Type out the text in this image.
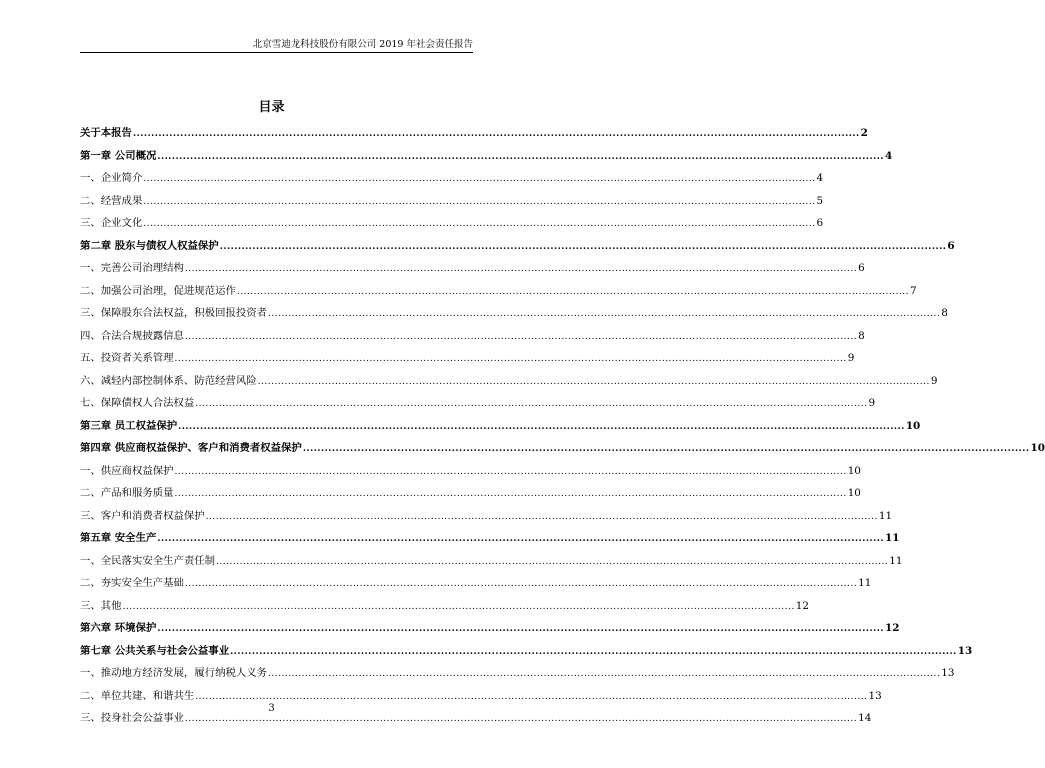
北京雪迪龙科技股份有限公司 2019 年社会责任报告
目录
关于本报告 ........................................................................................................................................................................................................ 2
第一章 公司概况 ........................................................................................................................................................................................................ 4
一、企业简介 ........................................................................................................................................................................................................ 4
二、经营成果 ........................................................................................................................................................................................................ 5
三、企业文化 ........................................................................................................................................................................................................ 6
第二章 股东与债权人权益保护 ........................................................................................................................................................................................................ 6
一、完善公司治理结构 ........................................................................................................................................................................................................ 6
二、加强公司治理，促进规范运作 ........................................................................................................................................................................................................ 7
三、保障股东合法权益，积极回报投资者 ........................................................................................................................................................................................................ 8
四、合法合规披露信息 ........................................................................................................................................................................................................ 8
五、投资者关系管理 ........................................................................................................................................................................................................ 9
六、减轻内部控制体系、防范经营风险 ........................................................................................................................................................................................................ 9
七、保障债权人合法权益 ........................................................................................................................................................................................................ 9
第三章 员工权益保护 ........................................................................................................................................................................................................ 10
第四章 供应商权益保护、客户和消费者权益保护 ........................................................................................................................................................................................................ 10
一、供应商权益保护 ........................................................................................................................................................................................................ 10
二、产品和服务质量 ........................................................................................................................................................................................................ 10
三、客户和消费者权益保护 ........................................................................................................................................................................................................ 11
第五章 安全生产 ........................................................................................................................................................................................................ 11
一、全民落实安全生产责任制 ........................................................................................................................................................................................................ 11
二、夯实安全生产基础 ........................................................................................................................................................................................................ 11
三、其他 ........................................................................................................................................................................................................ 12
第六章 环境保护 ........................................................................................................................................................................................................ 12
第七章 公共关系与社会公益事业 ........................................................................................................................................................................................................ 13
一、推动地方经济发展，履行纳税人义务 ........................................................................................................................................................................................................ 13
二、单位共建、和谐共生 ........................................................................................................................................................................................................ 13
三、投身社会公益事业 ........................................................................................................................................................................................................ 14
3
